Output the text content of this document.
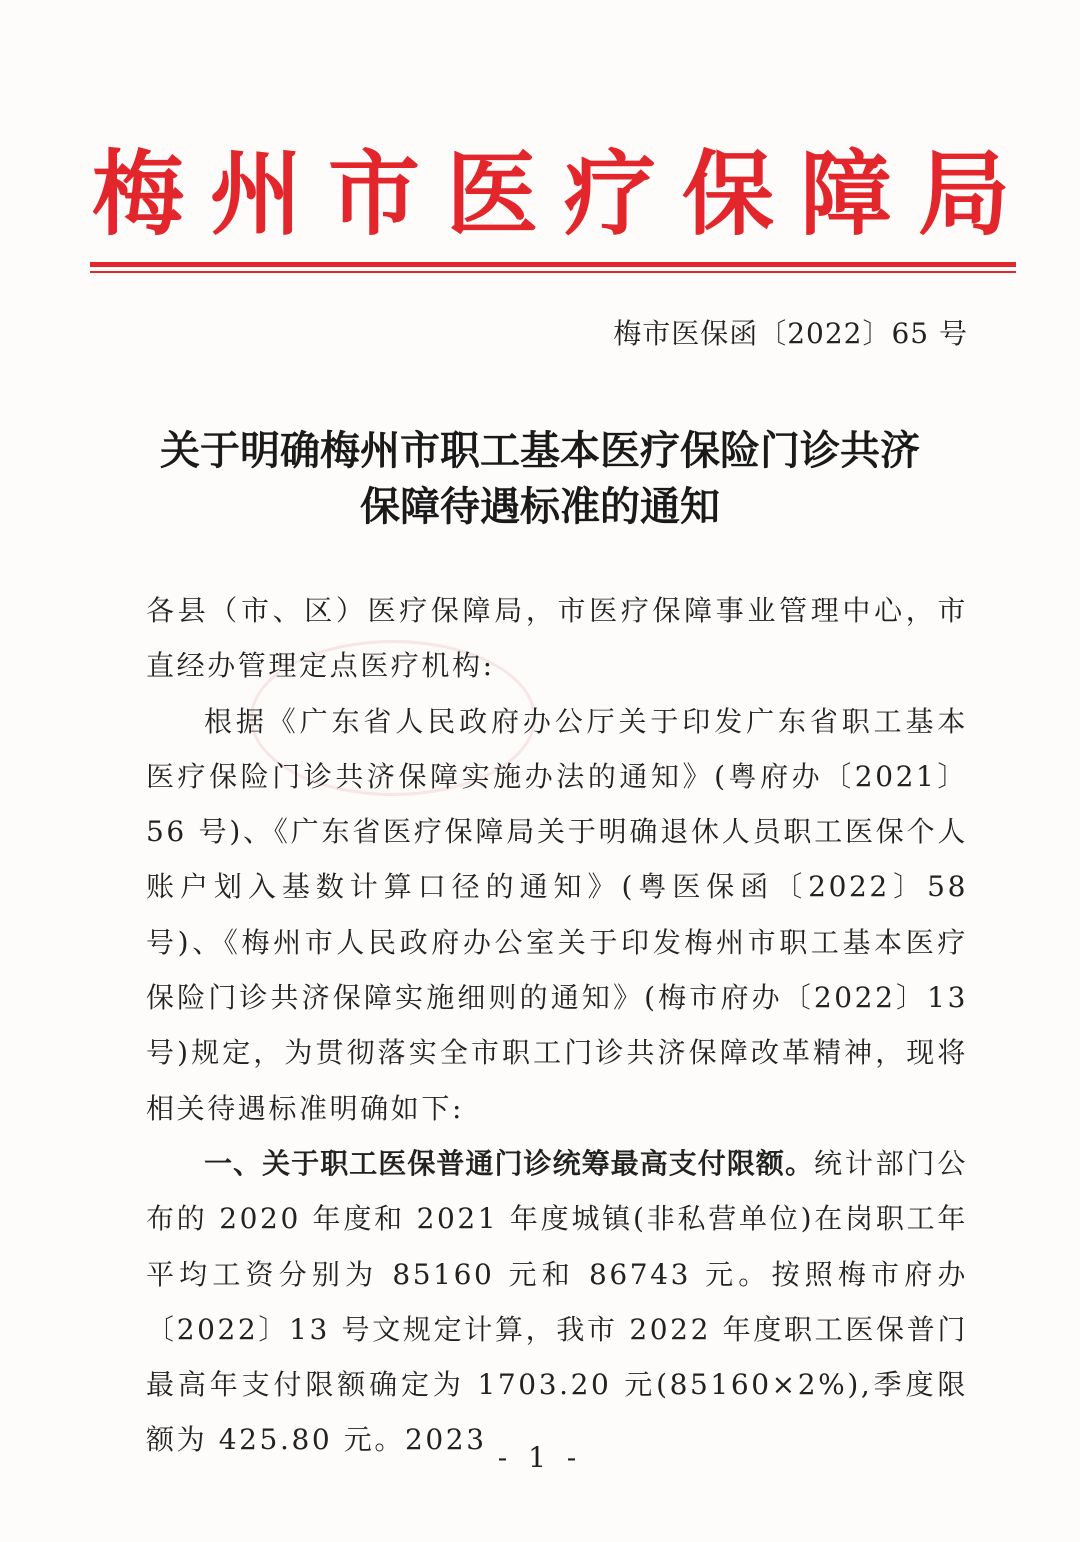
梅州市医疗保障局
梅市医保函〔2022〕65 号
关于明确梅州市职工基本医疗保险门诊共济
保障待遇标准的通知

各县（市、区）医疗保障局，市医疗保障事业管理中心，市直经办管理定点医疗机构:

根据《广东省人民政府办公厅关于印发广东省职工基本医疗保险门诊共济保障实施办法的通知》(粤府办〔2021〕56 号)、《广东省医疗保障局关于明确退休人员职工医保个人账户划入基数计算口径的通知》(粤医保函〔2022〕58 号)、《梅州市人民政府办公室关于印发梅州市职工基本医疗保险门诊共济保障实施细则的通知》(梅市府办〔2022〕13 号)规定，为贯彻落实全市职工门诊共济保障改革精神，现将相关待遇标准明确如下:

一、关于职工医保普通门诊统筹最高支付限额。统计部门公布的 2020 年度和 2021 年度城镇(非私营单位)在岗职工年平均工资分别为 85160 元和 86743 元。按照梅市府办〔2022〕13 号文规定计算，我市 2022 年度职工医保普门最高年支付限额确定为 1703.20 元(85160×2%),季度限额为 425.80 元。2023

- 1 -
